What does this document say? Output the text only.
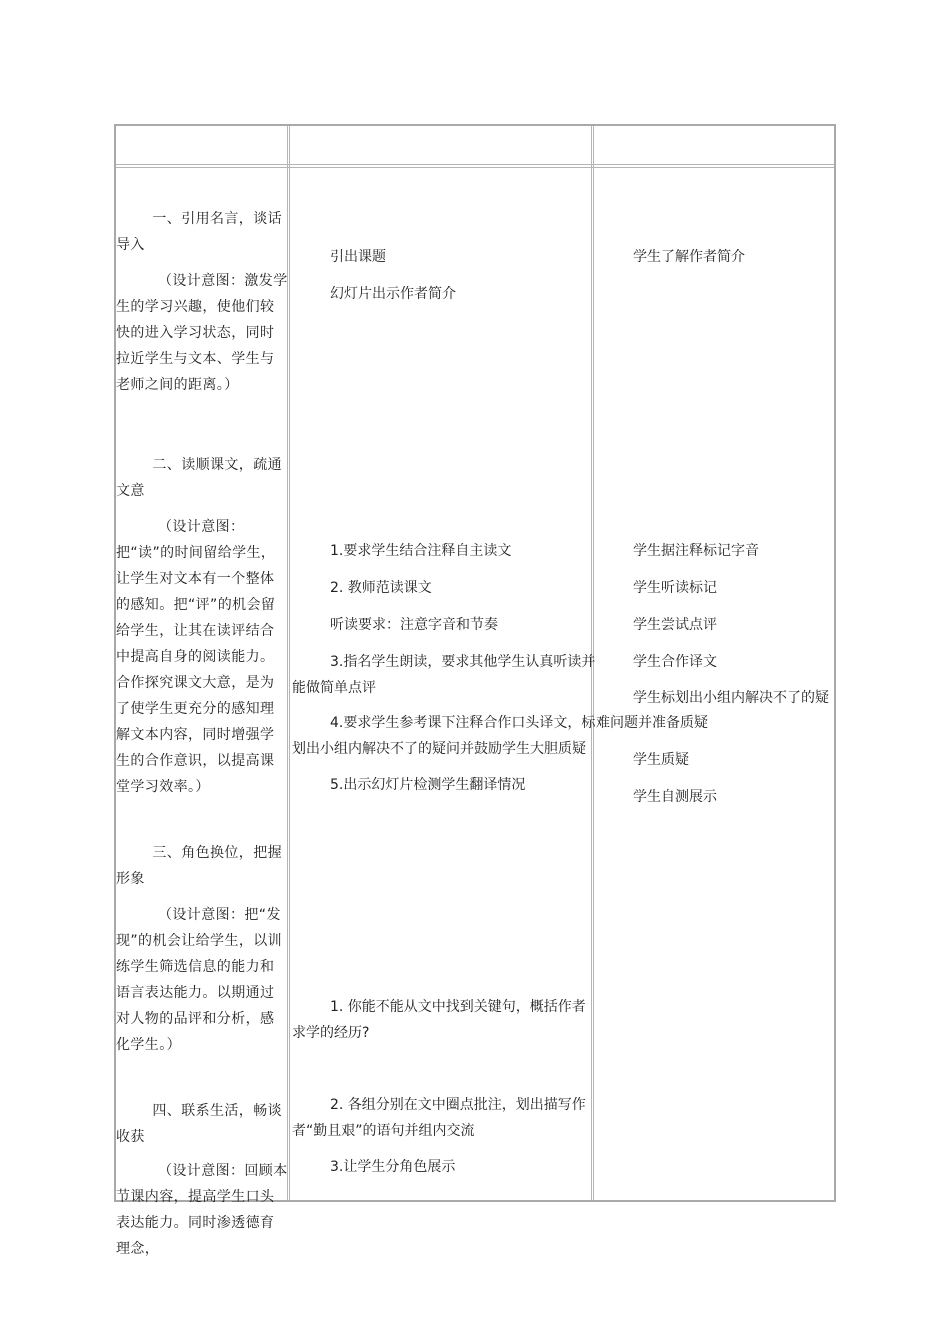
一、引用名言，谈话导入

（设计意图：激发学生的学习兴趣，使他们较快的进入学习状态，同时拉近学生与文本、学生与老师之间的距离。）

二、读顺课文，疏通文意

（设计意图：把“读”的时间留给学生，让学生对文本有一个整体的感知。把“评”的机会留给学生，让其在读评结合中提高自身的阅读能力。合作探究课文大意，是为了使学生更充分的感知理解文本内容，同时增强学生的合作意识，以提高课堂学习效率。）

三、角色换位，把握形象

（设计意图：把“发现”的机会让给学生，以训练学生筛选信息的能力和语言表达能力。以期通过对人物的品评和分析，感化学生。）

四、联系生活，畅谈收获

（设计意图：回顾本节课内容，提高学生口头表达能力。同时渗透德育理念，

引出课题
幻灯片出示作者简介
1.要求学生结合注释自主读文
2. 教师范读课文
听读要求：注意字音和节奏
3.指名学生朗读，要求其他学生认真听读并
能做简单点评
4.要求学生参考课下注释合作口头译文，标
划出小组内解决不了的疑问并鼓励学生大胆质疑
5.出示幻灯片检测学生翻译情况
1. 你能不能从文中找到关键句，概括作者
求学的经历?
2. 各组分别在文中圈点批注，划出描写作
者“勤且艰”的语句并组内交流
3.让学生分角色展示
学生了解作者简介
学生据注释标记字音
学生听读标记
学生尝试点评
学生合作译文
学生标划出小组内解决不了的疑
难问题并准备质疑
学生质疑
学生自测展示
